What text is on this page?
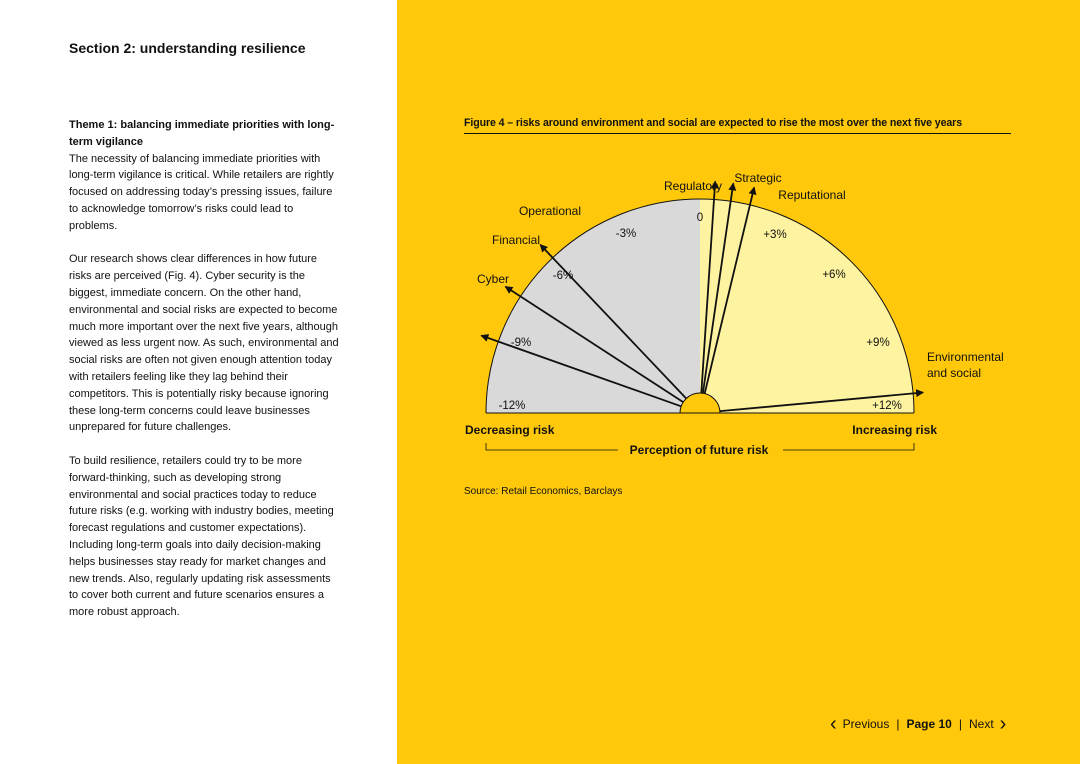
Section 2: understanding resilience

Theme 1: balancing immediate priorities with long-term vigilance
The necessity of balancing immediate priorities with long-term vigilance is critical. While retailers are rightly focused on addressing today’s pressing issues, failure to acknowledge tomorrow’s risks could lead to problems.

Our research shows clear differences in how future risks are perceived (Fig. 4). Cyber security is the biggest, immediate concern. On the other hand, environmental and social risks are expected to become much more important over the next five years, although viewed as less urgent now. As such, environmental and social risks are often not given enough attention today with retailers feeling like they lag behind their competitors. This is potentially risky because ignoring these long-term concerns could leave businesses unprepared for future challenges.

To build resilience, retailers could try to be more forward-thinking, such as developing strong environmental and social practices today to reduce future risks (e.g. working with industry bodies, meeting forecast regulations and customer expectations). Including long-term goals into daily decision-making helps businesses stay ready for market changes and new trends. Also, regularly updating risk assessments to cover both current and future scenarios ensures a more robust approach.

Figure 4 – risks around environment and social are expected to rise the most over the next five years
-12%
-9%
-6%
-3%
0
+3%
+6%
+9%
+12%
Cyber
Financial
Operational
Regulatory
Strategic
Reputational
Environmental
and social
Decreasing risk	Increasing risk
Perception of future risk
Source: Retail Economics, Barclays
‹ Previous | Page 10 | Next ›
